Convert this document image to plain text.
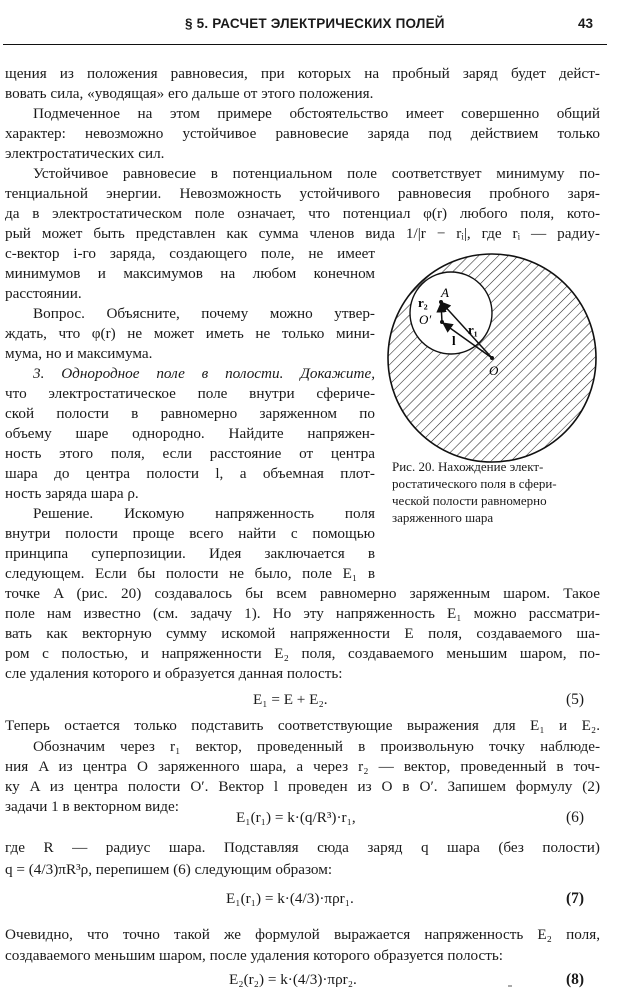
§ 5. РАСЧЕТ ЭЛЕКТРИЧЕСКИХ ПОЛЕЙ	43
щения из положения равновесия, при которых на пробный заряд будет дейст-
вовать сила, «уводящая» его дальше от этого положения.
Подмеченное на этом примере обстоятельство имеет совершенно общий
характер: невозможно устойчивое равновесие заряда под действием только
электростатических сил.
Устойчивое равновесие в потенциальном поле соответствует минимуму по-
тенциальной энергии. Невозможность устойчивого равновесия пробного заря-
да в электростатическом поле означает, что потенциал φ(r) любого поля, кото-
рый может быть представлен как сумма членов вида 1/|r − rᵢ|, где rᵢ — радиу-
с-вектор i-го заряда, создающего поле, не имеет
минимумов и максимумов на любом конечном
расстоянии.
Вопрос. Объясните, почему можно утвер-
ждать, что φ(r) не может иметь не только мини-
мума, но и максимума.
3. Однородное поле в полости. Докажите,
что электростатическое поле внутри сфериче-
ской полости в равномерно заряженном по
объему шаре однородно. Найдите напряжен-
ность этого поля, если расстояние от центра
шара до центра полости l, а объемная плот-
ность заряда шара ρ.
Решение. Искомую напряженность поля
внутри полости проще всего найти с помощью
принципа суперпозиции. Идея заключается в
следующем. Если бы полости не было, поле E₁ в
точке A (рис. 20) создавалось бы всем равномерно заряженным шаром. Такое
поле нам известно (см. задачу 1). Но эту напряженность E₁ можно рассматри-
вать как векторную сумму искомой напряженности E поля, создаваемого ша-
ром с полостью, и напряженности E₂ поля, создаваемого меньшим шаром, по-
сле удаления которого и образуется данная полость:
E₁ = E + E₂.	(5)
Теперь остается только подставить соответствующие выражения для E₁ и E₂.
Обозначим через r₁ вектор, проведенный в произвольную точку наблюде-
ния A из центра O заряженного шара, а через r₂ — вектор, проведенный в точ-
ку A из центра полости O′. Вектор l проведен из O в O′. Запишем формулу (2)
задачи 1 в векторном виде:
E₁(r₁) = k·(q/R³)·r₁,	(6)
где R — радиус шара. Подставляя сюда заряд q шара (без полости)
q = (4/3)πR³ρ, перепишем (6) следующим образом:
E₁(r₁) = k·(4/3)·πρr₁.	(7)
Очевидно, что точно такой же формулой выражается напряженность E₂ поля,
создаваемого меньшим шаром, после удаления которого образуется полость:
E₂(r₂) = k·(4/3)·πρr₂.	(8)
A
r₂
O′
r₁
l
O
Рис. 20. Нахождение элект-
ростатического поля в сфери-
ческой полости равномерно
заряженного шара
